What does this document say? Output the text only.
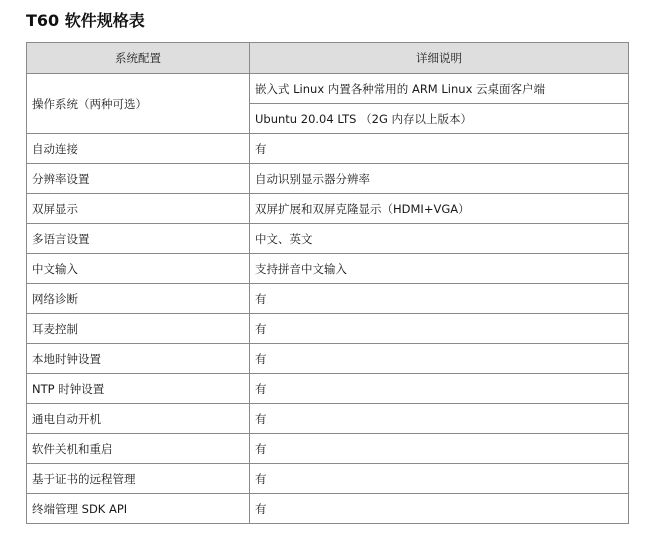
T60 软件规格表
系统配置	详细说明
操作系统（两种可选）	嵌入式 Linux 内置各种常用的 ARM Linux 云桌面客户端
	Ubuntu 20.04 LTS （2G 内存以上版本）
自动连接	有
分辨率设置	自动识别显示器分辨率
双屏显示	双屏扩展和双屏克隆显示（HDMI+VGA）
多语言设置	中文、英文
中文输入	支持拼音中文输入
网络诊断	有
耳麦控制	有
本地时钟设置	有
NTP 时钟设置	有
通电自动开机	有
软件关机和重启	有
基于证书的远程管理	有
终端管理 SDK API	有
